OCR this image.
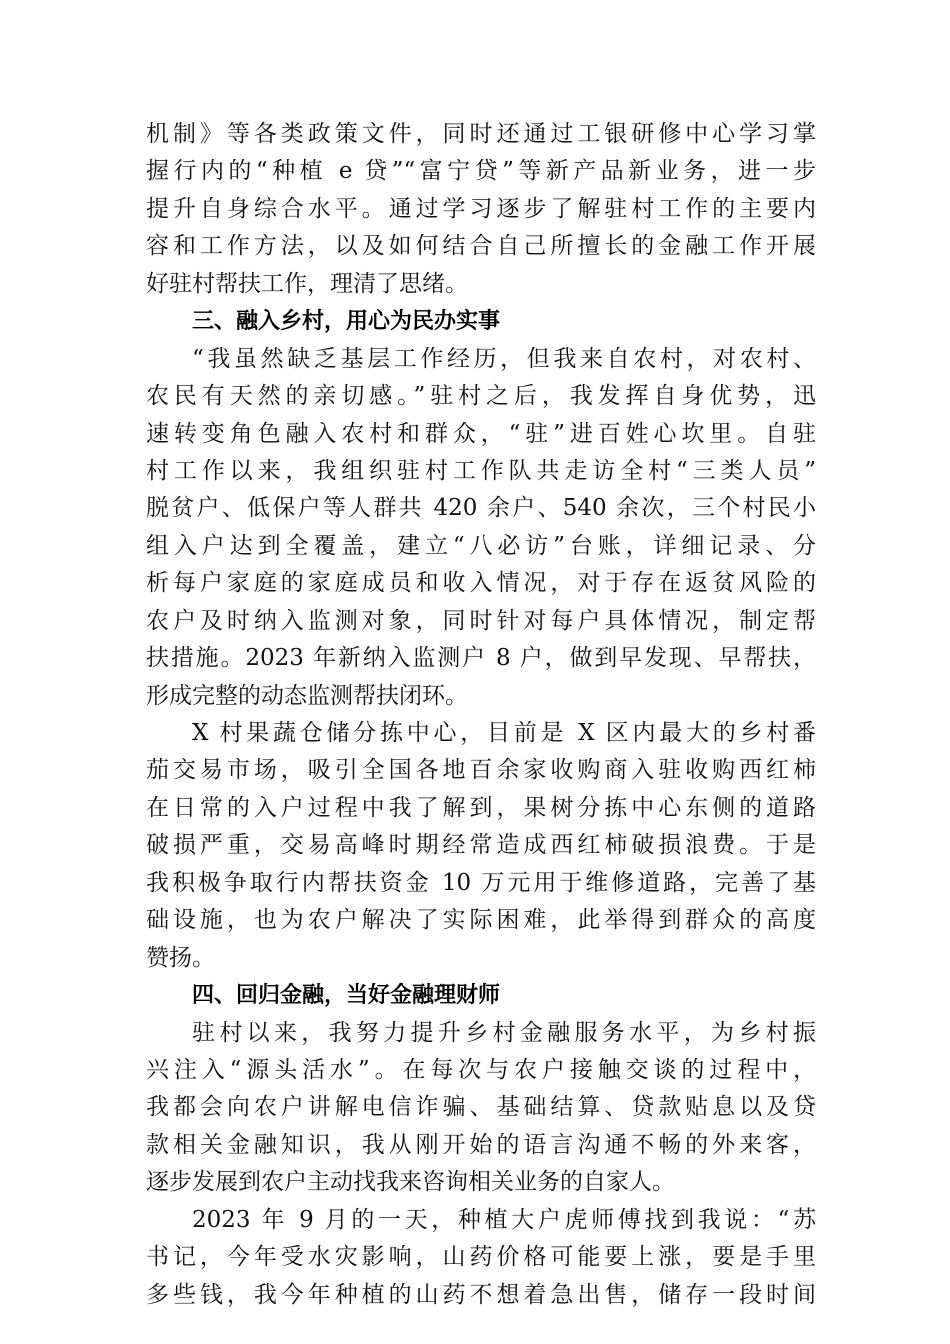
机制》等各类政策文件，同时还通过工银研修中心学习掌
握行内的“种植 e 贷”“富宁贷”等新产品新业务，进一步
提升自身综合水平。通过学习逐步了解驻村工作的主要内
容和工作方法，以及如何结合自己所擅长的金融工作开展
好驻村帮扶工作，理清了思绪。
三、融入乡村，用心为民办实事
“我虽然缺乏基层工作经历，但我来自农村，对农村、
农民有天然的亲切感。”驻村之后，我发挥自身优势，迅
速转变角色融入农村和群众，“驻”进百姓心坎里。自驻
村工作以来，我组织驻村工作队共走访全村“三类人员”
脱贫户、低保户等人群共 420 余户、540 余次，三个村民小
组入户达到全覆盖，建立“八必访”台账，详细记录、分
析每户家庭的家庭成员和收入情况，对于存在返贫风险的
农户及时纳入监测对象，同时针对每户具体情况，制定帮
扶措施。2023 年新纳入监测户 8 户，做到早发现、早帮扶，
形成完整的动态监测帮扶闭环。
X 村果蔬仓储分拣中心，目前是 X 区内最大的乡村番
茄交易市场，吸引全国各地百余家收购商入驻收购西红柿
在日常的入户过程中我了解到，果树分拣中心东侧的道路
破损严重，交易高峰时期经常造成西红柿破损浪费。于是
我积极争取行内帮扶资金 10 万元用于维修道路，完善了基
础设施，也为农户解决了实际困难，此举得到群众的高度
赞扬。
四、回归金融，当好金融理财师
驻村以来，我努力提升乡村金融服务水平，为乡村振
兴注入“源头活水”。在每次与农户接触交谈的过程中，
我都会向农户讲解电信诈骗、基础结算、贷款贴息以及贷
款相关金融知识，我从刚开始的语言沟通不畅的外来客，
逐步发展到农户主动找我来咨询相关业务的自家人。
2023 年 9 月的一天，种植大户虎师傅找到我说：“苏
书记，今年受水灾影响，山药价格可能要上涨，要是手里
多些钱，我今年种植的山药不想着急出售，储存一段时间
